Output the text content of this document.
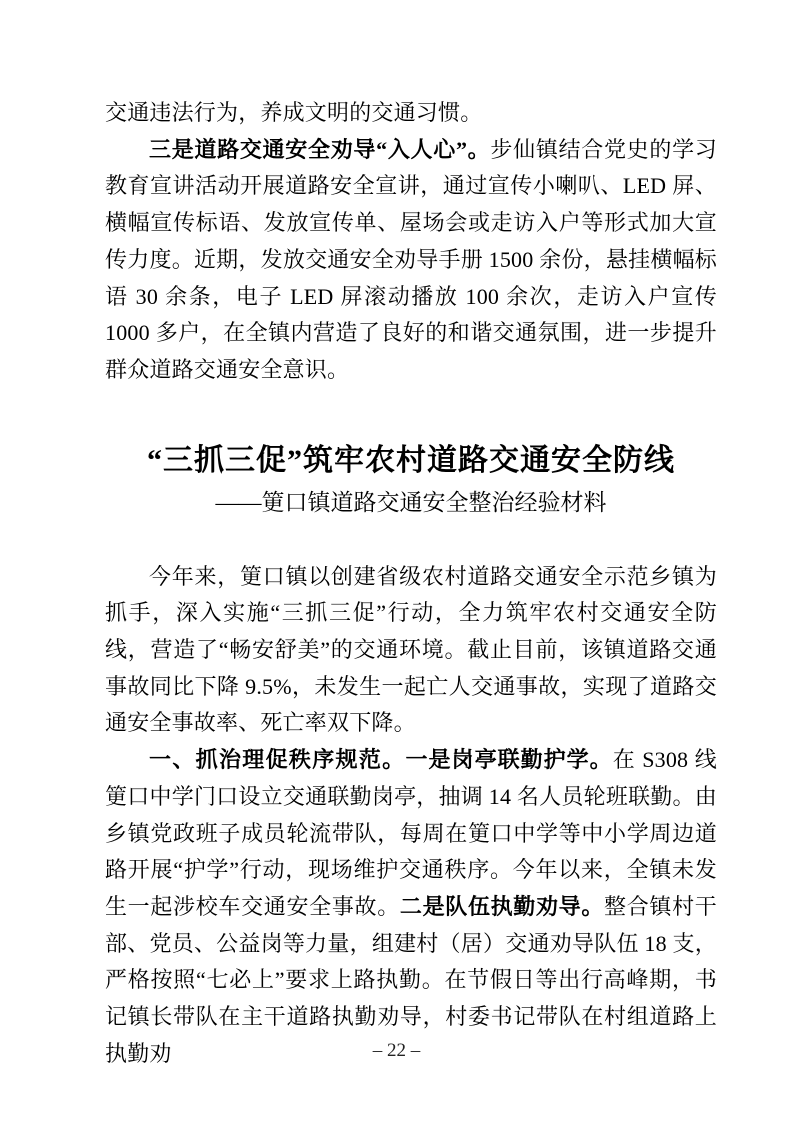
交通违法行为，养成文明的交通习惯。

三是道路交通安全劝导“入人心”。步仙镇结合党史的学习教育宣讲活动开展道路安全宣讲，通过宣传小喇叭、LED 屏、横幅宣传标语、发放宣传单、屋场会或走访入户等形式加大宣传力度。近期，发放交通安全劝导手册 1500 余份，悬挂横幅标语 30 余条，电子 LED 屏滚动播放 100 余次，走访入户宣传 1000 多户，在全镇内营造了良好的和谐交通氛围，进一步提升群众道路交通安全意识。

“三抓三促”筑牢农村道路交通安全防线
——筻口镇道路交通安全整治经验材料

今年来，筻口镇以创建省级农村道路交通安全示范乡镇为抓手，深入实施“三抓三促”行动，全力筑牢农村交通安全防线，营造了“畅安舒美”的交通环境。截止目前，该镇道路交通事故同比下降 9.5%，未发生一起亡人交通事故，实现了道路交通安全事故率、死亡率双下降。

一、抓治理促秩序规范。一是岗亭联勤护学。在 S308 线筻口中学门口设立交通联勤岗亭，抽调 14 名人员轮班联勤。由乡镇党政班子成员轮流带队，每周在筻口中学等中小学周边道路开展“护学”行动，现场维护交通秩序。今年以来，全镇未发生一起涉校车交通安全事故。二是队伍执勤劝导。整合镇村干部、党员、公益岗等力量，组建村（居）交通劝导队伍 18 支，严格按照“七必上”要求上路执勤。在节假日等出行高峰期，书记镇长带队在主干道路执勤劝导，村委书记带队在村组道路上执勤劝	– 22 –
